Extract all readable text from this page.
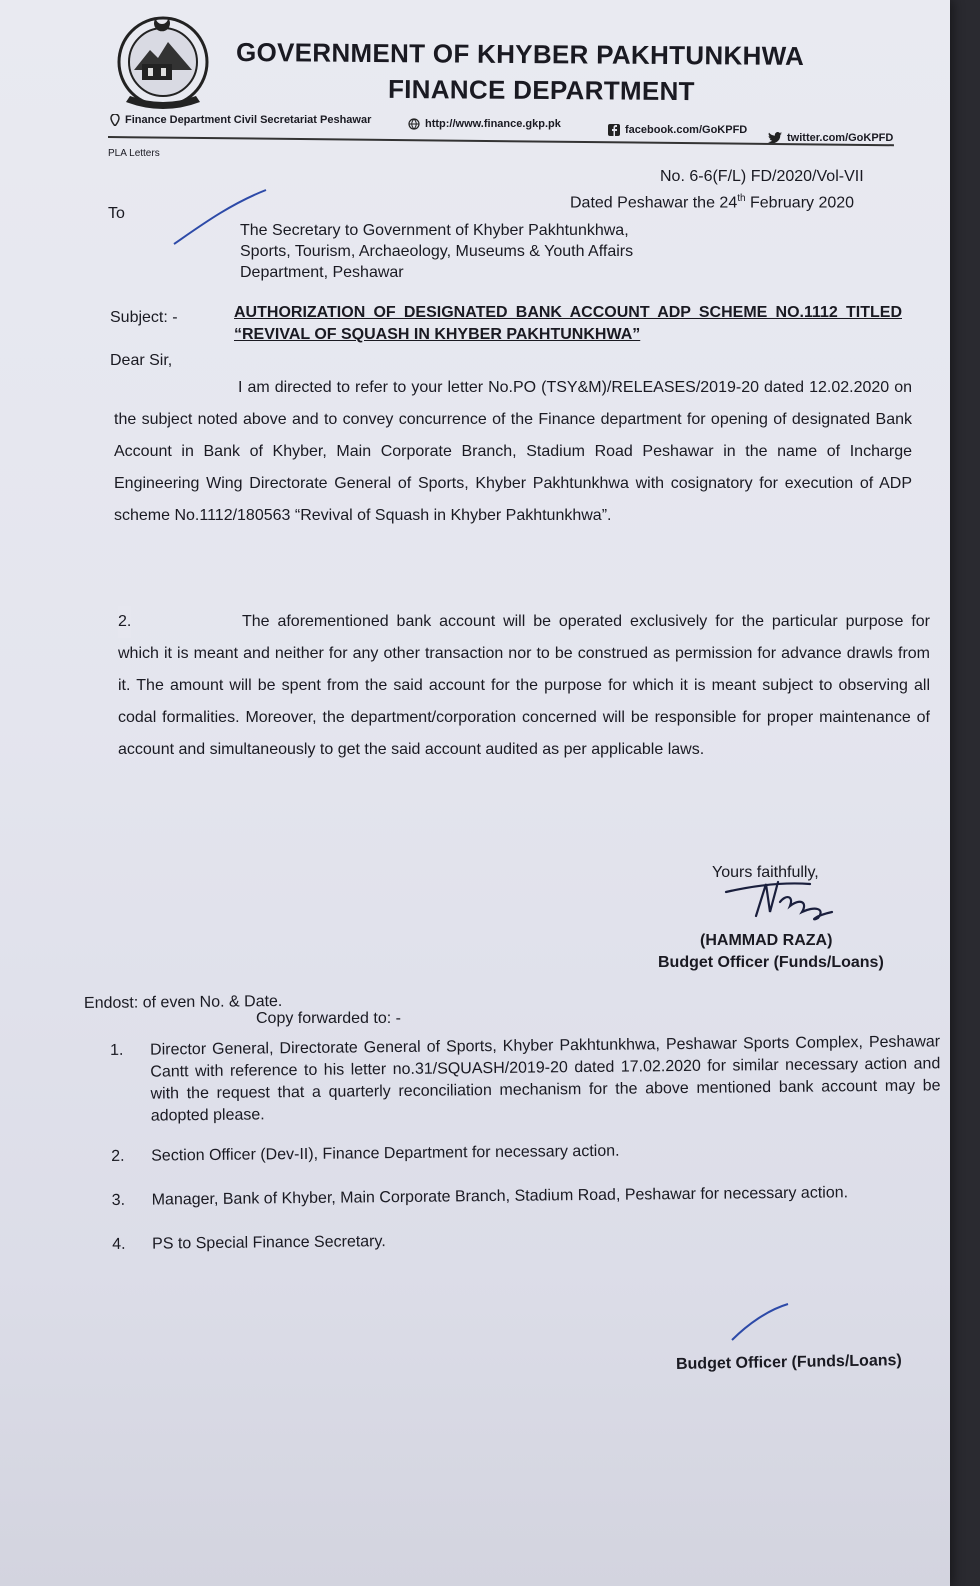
GOVERNMENT OF KHYBER PAKHTUNKHWA
FINANCE DEPARTMENT
Finance Department Civil Secretariat Peshawar	http://www.finance.gkp.pk	facebook.com/GoKPFD
twitter.com/GoKPFD
PLA Letters
No. 6-6(F/L) FD/2020/Vol-VII
Dated Peshawar the 24th February 2020
To
The Secretary to Government of Khyber Pakhtunkhwa,
Sports, Tourism, Archaeology, Museums & Youth Affairs
Department, Peshawar
Subject: -	AUTHORIZATION OF DESIGNATED BANK ACCOUNT ADP SCHEME NO.1112 TITLED “REVIVAL OF SQUASH IN KHYBER PAKHTUNKHWA”
Dear Sir,
I am directed to refer to your letter No.PO (TSY&M)/RELEASES/2019-20 dated 12.02.2020 on the subject noted above and to convey concurrence of the Finance department for opening of designated Bank Account in Bank of Khyber, Main Corporate Branch, Stadium Road Peshawar in the name of Incharge Engineering Wing Directorate General of Sports, Khyber Pakhtunkhwa with cosignatory for execution of ADP scheme No.1112/180563 “Revival of Squash in Khyber Pakhtunkhwa”.
The aforementioned bank account will be operated exclusively for the particular purpose for which it is meant and neither for any other transaction nor to be construed as permission for advance drawls from it. The amount will be spent from the said account for the purpose for which it is meant subject to observing all codal formalities. Moreover, the department/corporation concerned will be responsible for proper maintenance of account and simultaneously to get the said account audited as per applicable laws.
2.
Yours faithfully,
(HAMMAD RAZA)
Budget Officer (Funds/Loans)
Endost: of even No. & Date.
Copy forwarded to: -
1.	Director General, Directorate General of Sports, Khyber Pakhtunkhwa, Peshawar Sports Complex, Peshawar Cantt with reference to his letter no.31/SQUASH/2019-20 dated 17.02.2020 for similar necessary action and with the request that a quarterly reconciliation mechanism for the above mentioned bank account may be adopted please.
2.	Section Officer (Dev-II), Finance Department for necessary action.
3.	Manager, Bank of Khyber, Main Corporate Branch, Stadium Road, Peshawar for necessary action.
4.	PS to Special Finance Secretary.
Budget Officer (Funds/Loans)
